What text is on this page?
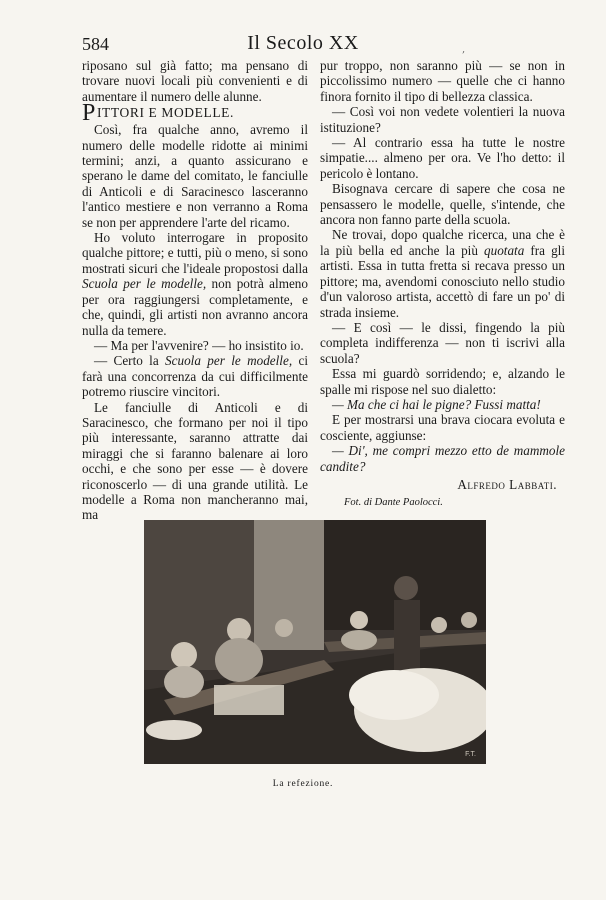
584	Il Secolo XX	,

riposano sul già fatto; ma pensano di trovare nuovi locali più convenienti e di aumentare il numero delle alunne.

PITTORI E MODELLE.

Così, fra qualche anno, avremo il numero delle modelle ridotte ai minimi termini; anzi, a quanto assicurano e sperano le dame del comitato, le fanciulle di Anticoli e di Saracinesco lasceranno l'antico mestiere e non verranno a Roma se non per apprendere l'arte del ricamo.

Ho voluto interrogare in proposito qualche pittore; e tutti, più o meno, si sono mostrati sicuri che l'ideale propostosi dalla Scuola per le modelle, non potrà almeno per ora raggiungersi completamente, e che, quindi, gli artisti non avranno ancora nulla da temere.

— Ma per l'avvenire? — ho insistito io.

— Certo la Scuola per le modelle, ci farà una concorrenza da cui difficilmente potremo riuscire vincitori.

Le fanciulle di Anticoli e di Saracinesco, che formano per noi il tipo più interessante, saranno attratte dai miraggi che si faranno balenare ai loro occhi, e che sono per esse — è dovere riconoscerlo — di una grande utilità. Le modelle a Roma non mancheranno mai, ma

pur troppo, non saranno più — se non in piccolissimo numero — quelle che ci hanno finora fornito il tipo di bellezza classica.

— Così voi non vedete volentieri la nuova istituzione?

— Al contrario essa ha tutte le nostre simpatie.... almeno per ora. Ve l'ho detto: il pericolo è lontano.

Bisognava cercare di sapere che cosa ne pensassero le modelle, quelle, s'intende, che ancora non fanno parte della scuola.

Ne trovai, dopo qualche ricerca, una che è la più bella ed anche la più quotata fra gli artisti. Essa in tutta fretta si recava presso un pittore; ma, avendomi conosciuto nello studio d'un valoroso artista, accettò di fare un po' di strada insieme.

— E così — le dissi, fingendo la più completa indifferenza — non ti iscrivi alla scuola?

Essa mi guardò sorridendo; e, alzando le spalle mi rispose nel suo dialetto:

— Ma che ci hai le pigne? Fussi matta!

E per mostrarsi una brava ciocara evoluta e cosciente, aggiunse:

— Di', me compri mezzo etto de mammole candite?

Alfredo Labbati.

Fot. di Dante Paolocci.

F.T.
La refezione.
